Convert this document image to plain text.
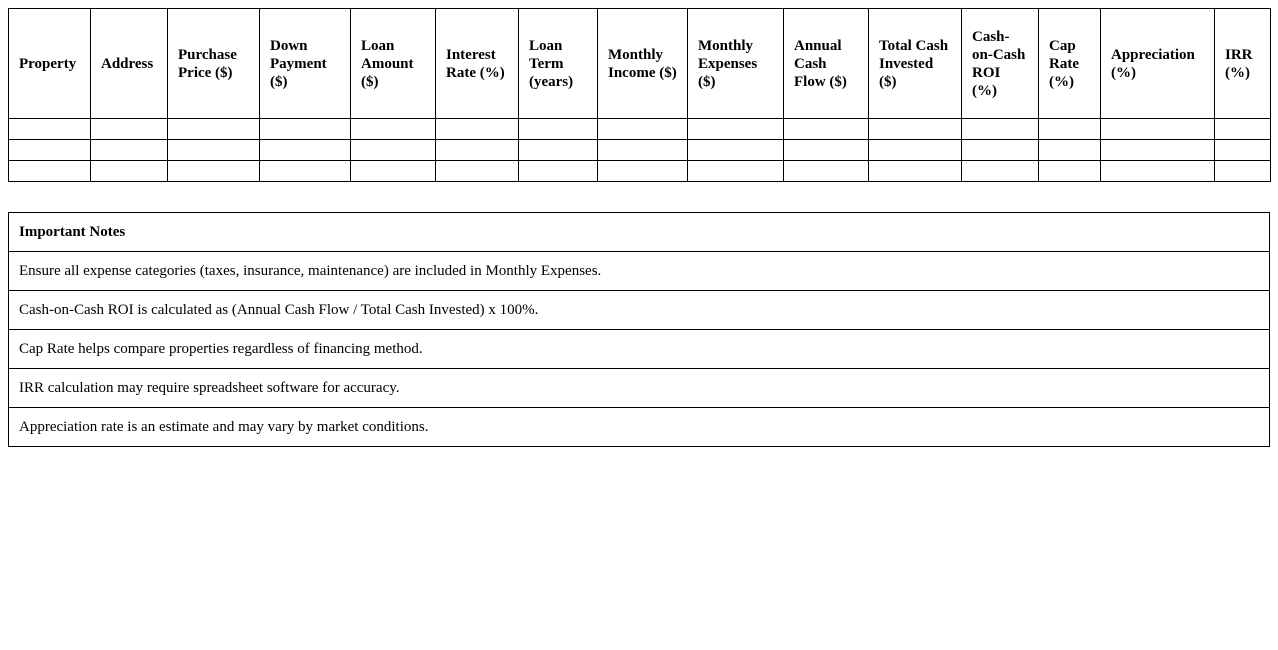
Property	Address	Purchase Price ($)	Down Payment ($)	Loan Amount ($)	Interest Rate (%)	Loan Term (years)	Monthly Income ($)	Monthly Expenses ($)	Annual Cash Flow ($)	Total Cash Invested ($)	Cash-on-Cash ROI (%)	Cap Rate (%)	Appreciation (%)	IRR (%)

Important Notes
Ensure all expense categories (taxes, insurance, maintenance) are included in Monthly Expenses.
Cash-on-Cash ROI is calculated as (Annual Cash Flow / Total Cash Invested) x 100%.
Cap Rate helps compare properties regardless of financing method.
IRR calculation may require spreadsheet software for accuracy.
Appreciation rate is an estimate and may vary by market conditions.
